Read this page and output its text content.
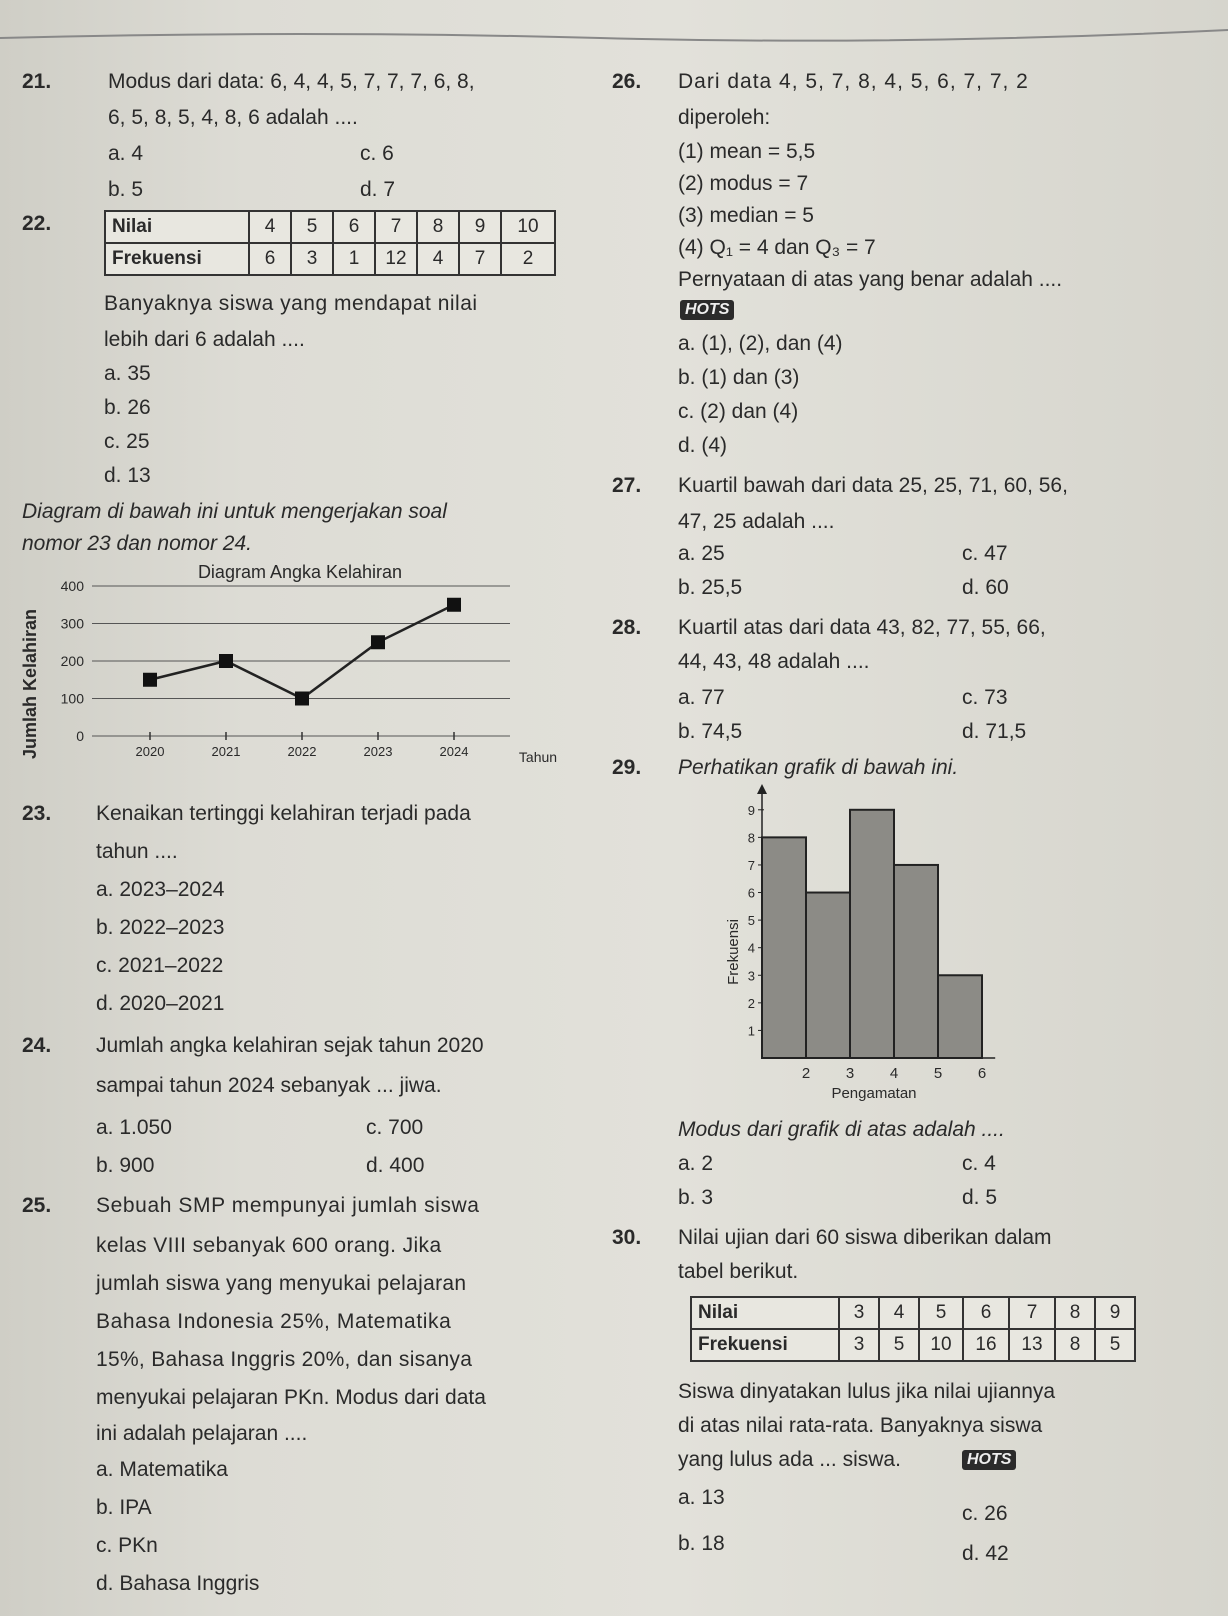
21.	Modus dari data: 6, 4, 4, 5, 7, 7, 7, 6, 8,
6, 5, 8, 5, 4, 8, 6 adalah ....
a. 4	c. 6
b. 5	d. 7
22.	Nilai	4	5	6	7	8	9	10
Frekuensi	6	3	1	12	4	7	2
Banyaknya siswa yang mendapat nilai
lebih dari 6 adalah ....
a. 35
b. 26
c. 25
d. 13
Diagram di bawah ini untuk mengerjakan soal
nomor 23 dan nomor 24.
Diagram Angka Kelahiran
Jumlah Kelahiran	Tahun
0
100
200
300
400
2020	2021	2022	2023	2024
23. Kenaikan tertinggi kelahiran terjadi pada
tahun ....
a. 2023–2024
b. 2022–2023
c. 2021–2022
d. 2020–2021
24. Jumlah angka kelahiran sejak tahun 2020
sampai tahun 2024 sebanyak ... jiwa.
a. 1.050	c. 700
b. 900	d. 400
25. Sebuah SMP mempunyai jumlah siswa
kelas VIII sebanyak 600 orang. Jika
jumlah siswa yang menyukai pelajaran
Bahasa Indonesia 25%, Matematika
15%, Bahasa Inggris 20%, dan sisanya
menyukai pelajaran PKn. Modus dari data
ini adalah pelajaran ....
a. Matematika
b. IPA
c. PKn
d. Bahasa Inggris
26. Dari data 4, 5, 7, 8, 4, 5, 6, 7, 7, 2
diperoleh:
(1) mean = 5,5
(2) modus = 7
(3) median = 5
(4) Q₁ = 4 dan Q₃ = 7
Pernyataan di atas yang benar adalah ....
HOTS
a. (1), (2), dan (4)
b. (1) dan (3)
c. (2) dan (4)
d. (4)
27. Kuartil bawah dari data 25, 25, 71, 60, 56,
47, 25 adalah ....
a. 25	c. 47
b. 25,5	d. 60
28. Kuartil atas dari data 43, 82, 77, 55, 66,
44, 43, 48 adalah ....
a. 77	c. 73
b. 74,5	d. 71,5
29. Perhatikan grafik di bawah ini.
Frekuensi
Pengamatan
1
2
3
4
5
6
7
8
9
2 3 4 5 6
Modus dari grafik di atas adalah ....
a. 2	c. 4
b. 3	d. 5
30. Nilai ujian dari 60 siswa diberikan dalam
tabel berikut.
Nilai	3	4	5	6	7	8	9
Frekuensi	3	5	10	16	13	8	5
Siswa dinyatakan lulus jika nilai ujiannya
di atas nilai rata-rata. Banyaknya siswa
yang lulus ada ... siswa.	HOTS
a. 13
c. 26
b. 18	d. 42
